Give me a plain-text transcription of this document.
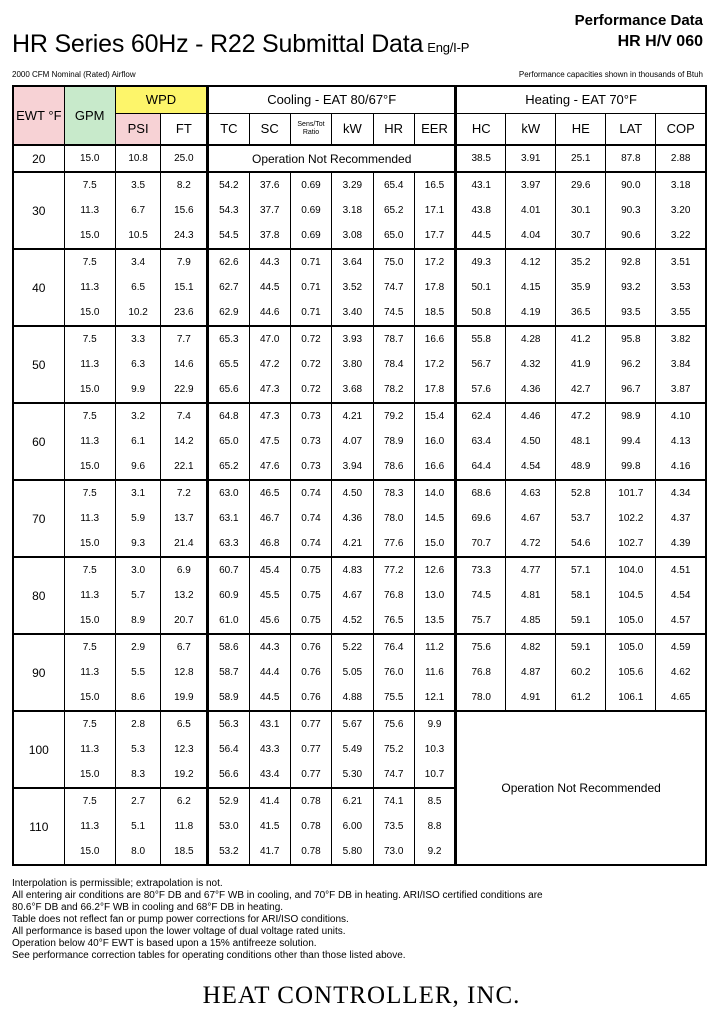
HR Series 60Hz - R22 Submittal Data Eng/I-P
Performance Data
HR H/V 060
2000 CFM Nominal (Rated) Airflow	Performance capacities shown in thousands of Btuh
EWT °F	GPM	WPD		Cooling - EAT 80/67°F						Heating - EAT 70°F				
		PSI	FT	TC	SC	Sens/Tot Ratio	kW	HR	EER	HC	kW	HE	LAT	COP
20	15.0	10.8	25.0	Operation Not Recommended						38.5	3.91	25.1	87.8	2.88
30	7.5	3.5	8.2	54.2	37.6	0.69	3.29	65.4	16.5	43.1	3.97	29.6	90.0	3.18
	11.3	6.7	15.6	54.3	37.7	0.69	3.18	65.2	17.1	43.8	4.01	30.1	90.3	3.20
	15.0	10.5	24.3	54.5	37.8	0.69	3.08	65.0	17.7	44.5	4.04	30.7	90.6	3.22
40	7.5	3.4	7.9	62.6	44.3	0.71	3.64	75.0	17.2	49.3	4.12	35.2	92.8	3.51
	11.3	6.5	15.1	62.7	44.5	0.71	3.52	74.7	17.8	50.1	4.15	35.9	93.2	3.53
	15.0	10.2	23.6	62.9	44.6	0.71	3.40	74.5	18.5	50.8	4.19	36.5	93.5	3.55
50	7.5	3.3	7.7	65.3	47.0	0.72	3.93	78.7	16.6	55.8	4.28	41.2	95.8	3.82
	11.3	6.3	14.6	65.5	47.2	0.72	3.80	78.4	17.2	56.7	4.32	41.9	96.2	3.84
	15.0	9.9	22.9	65.6	47.3	0.72	3.68	78.2	17.8	57.6	4.36	42.7	96.7	3.87
60	7.5	3.2	7.4	64.8	47.3	0.73	4.21	79.2	15.4	62.4	4.46	47.2	98.9	4.10
	11.3	6.1	14.2	65.0	47.5	0.73	4.07	78.9	16.0	63.4	4.50	48.1	99.4	4.13
	15.0	9.6	22.1	65.2	47.6	0.73	3.94	78.6	16.6	64.4	4.54	48.9	99.8	4.16
70	7.5	3.1	7.2	63.0	46.5	0.74	4.50	78.3	14.0	68.6	4.63	52.8	101.7	4.34
	11.3	5.9	13.7	63.1	46.7	0.74	4.36	78.0	14.5	69.6	4.67	53.7	102.2	4.37
	15.0	9.3	21.4	63.3	46.8	0.74	4.21	77.6	15.0	70.7	4.72	54.6	102.7	4.39
80	7.5	3.0	6.9	60.7	45.4	0.75	4.83	77.2	12.6	73.3	4.77	57.1	104.0	4.51
	11.3	5.7	13.2	60.9	45.5	0.75	4.67	76.8	13.0	74.5	4.81	58.1	104.5	4.54
	15.0	8.9	20.7	61.0	45.6	0.75	4.52	76.5	13.5	75.7	4.85	59.1	105.0	4.57
90	7.5	2.9	6.7	58.6	44.3	0.76	5.22	76.4	11.2	75.6	4.82	59.1	105.0	4.59
	11.3	5.5	12.8	58.7	44.4	0.76	5.05	76.0	11.6	76.8	4.87	60.2	105.6	4.62
	15.0	8.6	19.9	58.9	44.5	0.76	4.88	75.5	12.1	78.0	4.91	61.2	106.1	4.65
100	7.5	2.8	6.5	56.3	43.1	0.77	5.67	75.6	9.9	Operation Not Recommended				
	11.3	5.3	12.3	56.4	43.3	0.77	5.49	75.2	10.3					
	15.0	8.3	19.2	56.6	43.4	0.77	5.30	74.7	10.7					
110	7.5	2.7	6.2	52.9	41.4	0.78	6.21	74.1	8.5					
	11.3	5.1	11.8	53.0	41.5	0.78	6.00	73.5	8.8					
	15.0	8.0	18.5	53.2	41.7	0.78	5.80	73.0	9.2					
Interpolation is permissible; extrapolation is not.
All entering air conditions are 80°F DB and 67°F WB in cooling, and 70°F DB in heating. ARI/ISO certified conditions are
80.6°F DB and 66.2°F WB in cooling and 68°F DB in heating.
Table does not reflect fan or pump power corrections for ARI/ISO conditions.
All performance is based upon the lower voltage of dual voltage rated units.
Operation below 40°F EWT is based upon a 15% antifreeze solution.
See performance correction tables for operating conditions other than those listed above.
HEAT CONTROLLER, INC.
